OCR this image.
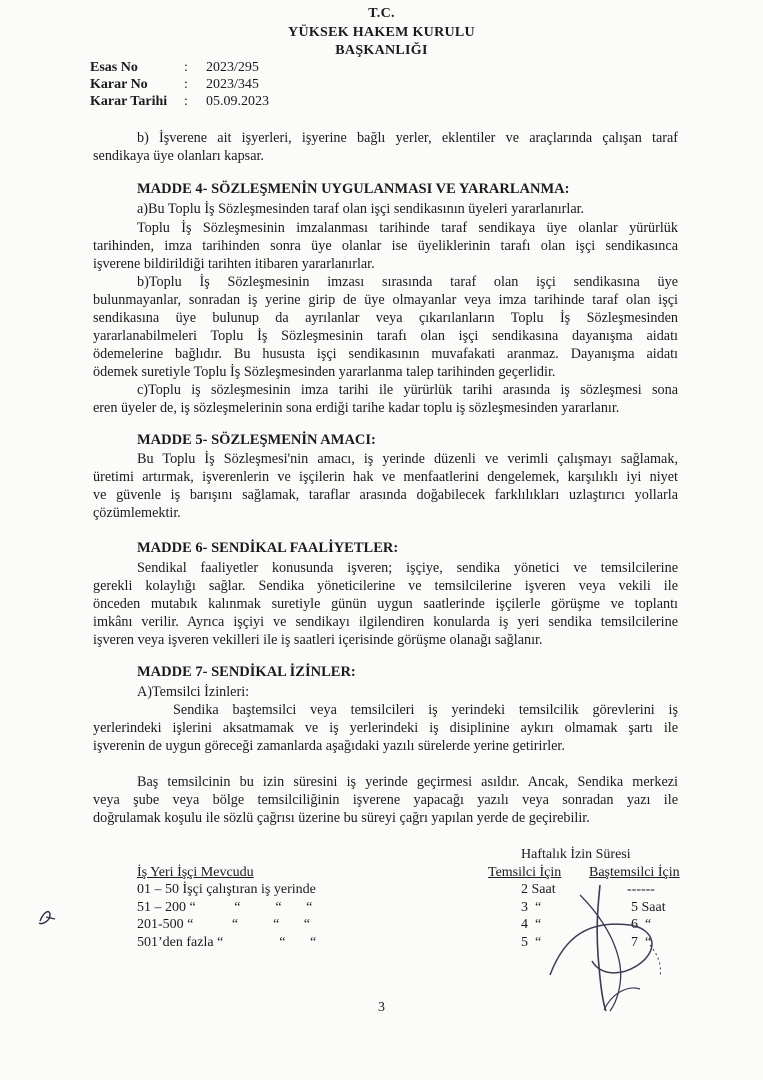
T.C.
YÜKSEK HAKEM KURULU
BAŞKANLIĞI
Esas No	:	2023/295
Karar No	:	2023/345
Karar Tarihi	:	05.09.2023
b) İşverene ait işyerleri, işyerine bağlı yerler, eklentiler ve araçlarında çalışan taraf
sendikaya üye olanları kapsar.
MADDE 4- SÖZLEŞMENİN UYGULANMASI VE YARARLANMA:
a)Bu Toplu İş Sözleşmesinden taraf olan işçi sendikasının üyeleri yararlanırlar.
Toplu İş Sözleşmesinin imzalanması tarihinde taraf sendikaya üye olanlar yürürlük
tarihinden, imza tarihinden sonra üye olanlar ise üyeliklerinin tarafı olan işçi sendikasınca
işverene bildirildiği tarihten itibaren yararlanırlar.
b)Toplu İş Sözleşmesinin imzası sırasında taraf olan işçi sendikasına üye
bulunmayanlar, sonradan iş yerine girip de üye olmayanlar veya imza tarihinde taraf olan işçi
sendikasına üye bulunup da ayrılanlar veya çıkarılanların Toplu İş Sözleşmesinden
yararlanabilmeleri Toplu İş Sözleşmesinin tarafı olan işçi sendikasına dayanışma aidatı
ödemelerine bağlıdır. Bu hususta işçi sendikasının muvafakati aranmaz. Dayanışma aidatı
ödemek suretiyle Toplu İş Sözleşmesinden yararlanma talep tarihinden geçerlidir.
c)Toplu iş sözleşmesinin imza tarihi ile yürürlük tarihi arasında iş sözleşmesi sona
eren üyeler de, iş sözleşmelerinin sona erdiği tarihe kadar toplu iş sözleşmesinden yararlanır.
MADDE 5- SÖZLEŞMENİN AMACI:
Bu Toplu İş Sözleşmesi'nin amacı, iş yerinde düzenli ve verimli çalışmayı sağlamak,
üretimi artırmak, işverenlerin ve işçilerin hak ve menfaatlerini dengelemek, karşılıklı iyi niyet
ve güvenle iş barışını sağlamak, taraflar arasında doğabilecek farklılıkları uzlaştırıcı yollarla
çözümlemektir.
MADDE 6- SENDİKAL FAALİYETLER:
Sendikal faaliyetler konusunda işveren; işçiye, sendika yönetici ve temsilcilerine
gerekli kolaylığı sağlar. Sendika yöneticilerine ve temsilcilerine işveren veya vekili ile
önceden mutabık kalınmak suretiyle günün uygun saatlerinde işçilerle görüşme ve toplantı
imkânı verilir. Ayrıca işçiyi ve sendikayı ilgilendiren konularda iş yeri sendika temsilcilerine
işveren veya işveren vekilleri ile iş saatleri içerisinde görüşme olanağı sağlanır.
MADDE 7- SENDİKAL İZİNLER:
A)Temsilci İzinleri:
Sendika baştemsilci veya temsilcileri iş yerindeki temsilcilik görevlerini iş
yerlerindeki işlerini aksatmamak ve iş yerlerindeki iş disiplinine aykırı olmamak şartı ile
işverenin de uygun göreceği zamanlarda aşağıdaki yazılı sürelerde yerine getirirler.
Baş temsilcinin bu izin süresini iş yerinde geçirmesi asıldır. Ancak, Sendika merkezi
veya şube veya bölge temsilciliğinin işverene yapacağı yazılı veya sonradan yazı ile
doğrulamak koşulu ile sözlü çağrısı üzerine bu süreyi çağrı yapılan yerde de geçirebilir.
Haftalık İzin Süresi
İş Yeri İşçi Mevcudu	Temsilci İçin Baştemsilci İçin
01 – 50 İşçi çalıştıran iş yerinde	2 Saat	------
51 – 200 “           “          “       “	3  “	5 Saat
201-500 “           “          “       “	4  “	6  “
501’den fazla “                “       “	5  “	7  “
3
